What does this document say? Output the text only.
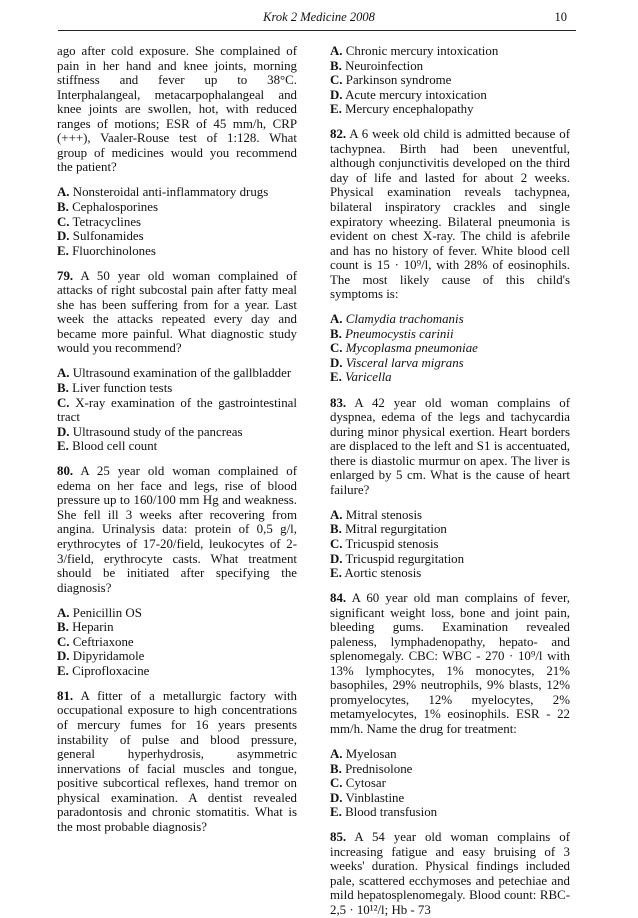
Krok 2 Medicine 2008	10

ago after cold exposure. She complained of pain in her hand and knee joints, morning stiffness and fever up to 38°C. Interphalangeal, metacarpophalangeal and knee joints are swollen, hot, with reduced ranges of motions; ESR of 45 mm/h, CRP (+++), Vaaler-Rouse test of 1:128. What group of medicines would you recommend the patient?

A. Nonsteroidal anti-inflammatory drugs

B. Cephalosporines

C. Tetracyclines

D. Sulfonamides

E. Fluorchinolones

79. A 50 year old woman complained of attacks of right subcostal pain after fatty meal she has been suffering from for a year. Last week the attacks repeated every day and became more painful. What diagnostic study would you recommend?

A. Ultrasound examination of the gallbladder

B. Liver function tests

C. X-ray examination of the gastrointestinal tract

D. Ultrasound study of the pancreas

E. Blood cell count

80. A 25 year old woman complained of edema on her face and legs, rise of blood pressure up to 160/100 mm Hg and weakness. She fell ill 3 weeks after recovering from angina. Urinalysis data: protein of 0,5 g/l, erythrocytes of 17-20/field, leukocytes of 2-3/field, erythrocyte casts. What treatment should be initiated after specifying the diagnosis?

A. Penicillin OS

B. Heparin

C. Ceftriaxone

D. Dipyridamole

E. Ciprofloxacine

81. A fitter of a metallurgic factory with occupational exposure to high concentrations of mercury fumes for 16 years presents instability of pulse and blood pressure, general hyperhydrosis, asymmetric innervations of facial muscles and tongue, positive subcortical reflexes, hand tremor on physical examination. A dentist revealed paradontosis and chronic stomatitis. What is the most probable diagnosis?

A. Chronic mercury intoxication

B. Neuroinfection

C. Parkinson syndrome

D. Acute mercury intoxication

E. Mercury encephalopathy

82. A 6 week old child is admitted because of tachypnea. Birth had been uneventful, although conjunctivitis developed on the third day of life and lasted for about 2 weeks. Physical examination reveals tachypnea, bilateral inspiratory crackles and single expiratory wheezing. Bilateral pneumonia is evident on chest X-ray. The child is afebrile and has no history of fever. White blood cell count is 15 · 10⁹/l, with 28% of eosinophils. The most likely cause of this child's symptoms is:

A. Clamydia trachomanis

B. Pneumocystis carinii

C. Mycoplasma pneumoniae

D. Visceral larva migrans

E. Varicella

83. A 42 year old woman complains of dyspnea, edema of the legs and tachycardia during minor physical exertion. Heart borders are displaced to the left and S1 is accentuated, there is diastolic murmur on apex. The liver is enlarged by 5 cm. What is the cause of heart failure?

A. Mitral stenosis

B. Mitral regurgitation

C. Tricuspid stenosis

D. Tricuspid regurgitation

E. Aortic stenosis

84. A 60 year old man complains of fever, significant weight loss, bone and joint pain, bleeding gums. Examination revealed paleness, lymphadenopathy, hepato- and splenomegaly. CBC: WBC - 270 · 10⁹/l with 13% lymphocytes, 1% monocytes, 21% basophiles, 29% neutrophils, 9% blasts, 12% promyelocytes, 12% myelocytes, 2% metamyelocytes, 1% eosinophils. ESR - 22 mm/h. Name the drug for treatment:

A. Myelosan

B. Prednisolone

C. Cytosar

D. Vinblastine

E. Blood transfusion

85. A 54 year old woman complains of increasing fatigue and easy bruising of 3 weeks' duration. Physical findings included pale, scattered ecchymoses and petechiae and mild hepatosplenomegaly. Blood count: RBC- 2,5 · 10¹²/l; Hb - 73
